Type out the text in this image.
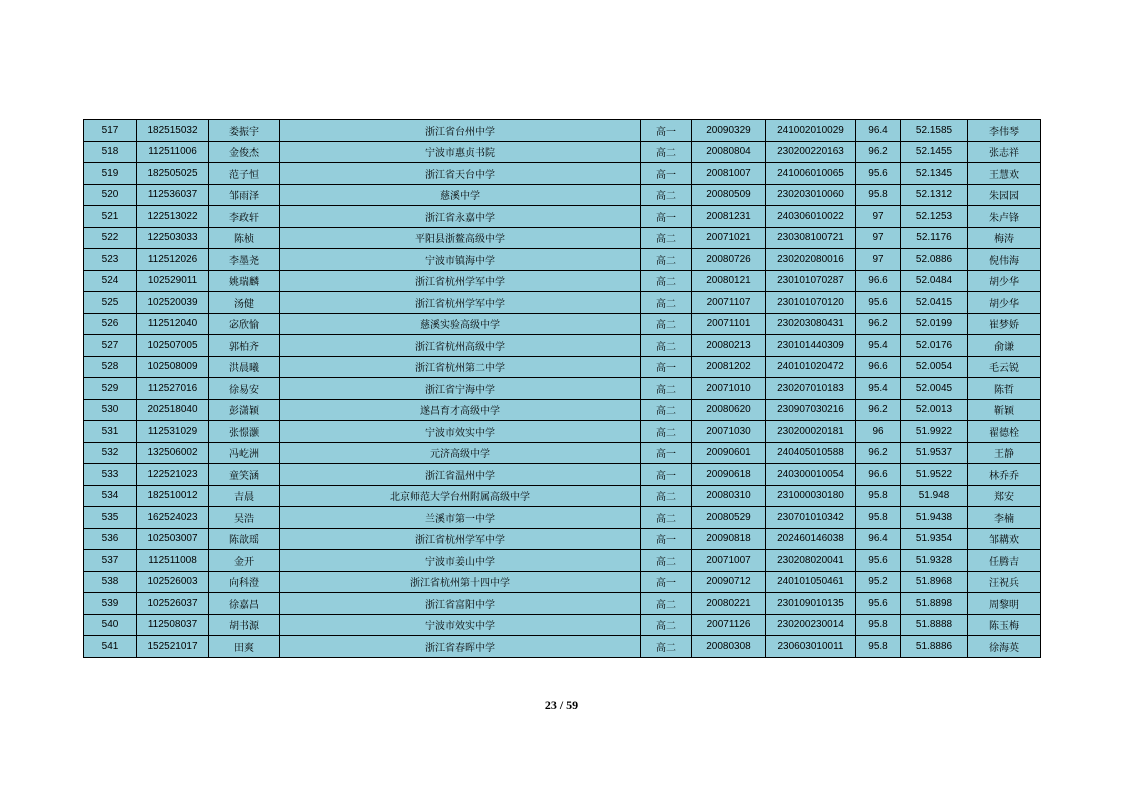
517	182515032	娄振宇	浙江省台州中学	高一	20090329	241002010029	96.4	52.1585	李伟琴
518	112511006	金俊杰	宁波市惠贞书院	高二	20080804	230200220163	96.2	52.1455	张志祥
519	182505025	范子恒	浙江省天台中学	高一	20081007	241006010065	95.6	52.1345	王慧欢
520	112536037	邹雨泽	慈溪中学	高二	20080509	230203010060	95.8	52.1312	朱园园
521	122513022	李政轩	浙江省永嘉中学	高一	20081231	240306010022	97	52.1253	朱卢锋
522	122503033	陈桢	平阳县浙鳌高级中学	高二	20071021	230308100721	97	52.1176	梅涛
523	112512026	李墨尧	宁波市镇海中学	高二	20080726	230202080016	97	52.0886	倪伟海
524	102529011	姚瑞麟	浙江省杭州学军中学	高二	20080121	230101070287	96.6	52.0484	胡少华
525	102520039	汤健	浙江省杭州学军中学	高二	20071107	230101070120	95.6	52.0415	胡少华
526	112512040	宓欣愉	慈溪实验高级中学	高二	20071101	230203080431	96.2	52.0199	崔梦娇
527	102507005	郭柏齐	浙江省杭州高级中学	高二	20080213	230101440309	95.4	52.0176	俞谦
528	102508009	洪晨曦	浙江省杭州第二中学	高一	20081202	240101020472	96.6	52.0054	毛云锐
529	112527016	徐易安	浙江省宁海中学	高二	20071010	230207010183	95.4	52.0045	陈哲
530	202518040	彭潇颖	遂昌育才高级中学	高二	20080620	230907030216	96.2	52.0013	靳颖
531	112531029	张憬灏	宁波市效实中学	高二	20071030	230200020181	96	51.9922	翟德栓
532	132506002	冯屹洲	元济高级中学	高一	20090601	240405010588	96.2	51.9537	王静
533	122521023	童笑涵	浙江省温州中学	高一	20090618	240300010054	96.6	51.9522	林乔乔
534	182510012	吉晨	北京师范大学台州附属高级中学	高二	20080310	231000030180	95.8	51.948	郑安
535	162524023	吴浩	兰溪市第一中学	高二	20080529	230701010342	95.8	51.9438	李楠
536	102503007	陈歆瑶	浙江省杭州学军中学	高一	20090818	202460146038	96.4	51.9354	邹耩欢
537	112511008	金开	宁波市姜山中学	高二	20071007	230208020041	95.6	51.9328	任腾吉
538	102526003	向科澄	浙江省杭州第十四中学	高一	20090712	240101050461	95.2	51.8968	汪祝兵
539	102526037	徐嘉昌	浙江省富阳中学	高二	20080221	230109010135	95.6	51.8898	周黎明
540	112508037	胡书源	宁波市效实中学	高二	20071126	230200230014	95.8	51.8888	陈玉梅
541	152521017	田爽	浙江省春晖中学	高二	20080308	230603010011	95.8	51.8886	徐海英
23 / 59
